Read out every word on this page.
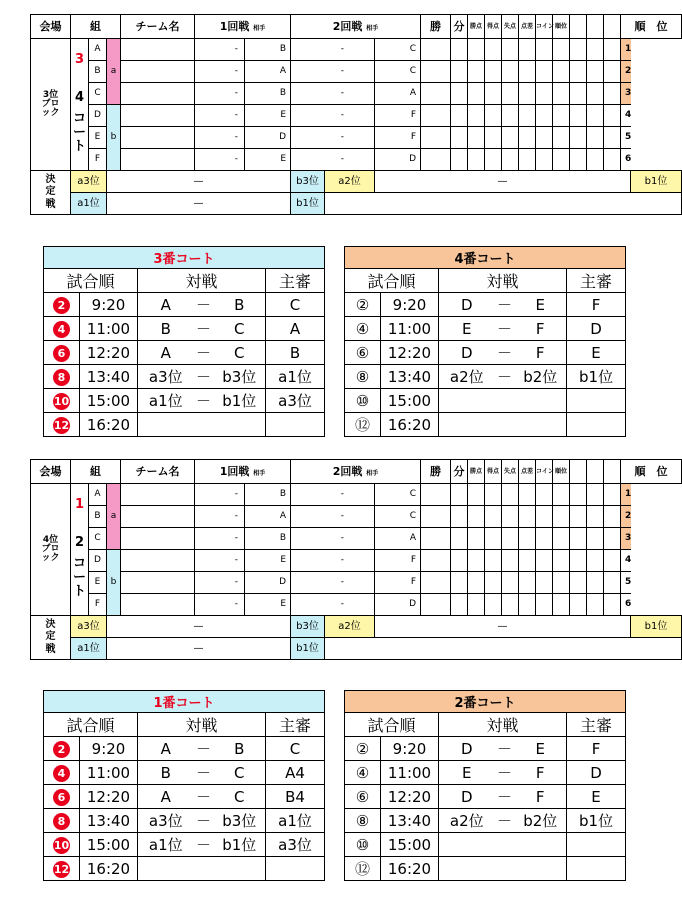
会場	組			チーム名	1回戦 相手		2回戦 相手			勝	分	勝点	得点	失点	点差	コイン	順位				順　位	

3位ブロック	3
4
コート	A	a		-	B	-		C												1	
		B			-	A	-		C												2	
		C			-	B	-		A												3	
		D	b		-	E	-		F												4	
		E			-	D	-		F												5	
		F			-	E	-		D												6	

決定戦	a3位		—				b3位	a2位	—													b1位
	a1位		—				b1位															
3番コート					
試合順		対戦			主審
2	9:20	A	－	B	C
4	11:00	B	－	C	A
6	12:20	A	－	C	B
8	13:40	a3位	－	b3位	a1位
10	15:00	a1位	－	b1位	a3位
12	16:20				
4番コート					
試合順		対戦			主審
②	9:20	D	－	E	F
④	11:00	E	－	F	D
⑥	12:20	D	－	F	E
⑧	13:40	a2位	－	b2位	b1位
⑩	15:00				
⑫	16:20				
会場	組			チーム名	1回戦 相手		2回戦 相手			勝	分	勝点	得点	失点	点差	コイン	順位				順　位	

4位ブロック	1
2
コート	A	a		-	B	-		C												1	
		B			-	A	-		C												2	
		C			-	B	-		A												3	
		D	b		-	E	-		F												4	
		E			-	D	-		F												5	
		F			-	E	-		D												6	

決定戦	a3位		—				b3位	a2位	—													b1位
	a1位		—				b1位															
1番コート					
試合順		対戦			主審
2	9:20	A	－	B	C
4	11:00	B	－	C	A4
6	12:20	A	－	C	B4
8	13:40	a3位	－	b3位	a1位
10	15:00	a1位	－	b1位	a3位
12	16:20				
2番コート					
試合順		対戦			主審
②	9:20	D	－	E	F
④	11:00	E	－	F	D
⑥	12:20	D	－	F	E
⑧	13:40	a2位	－	b2位	b1位
⑩	15:00				
⑫	16:20				
